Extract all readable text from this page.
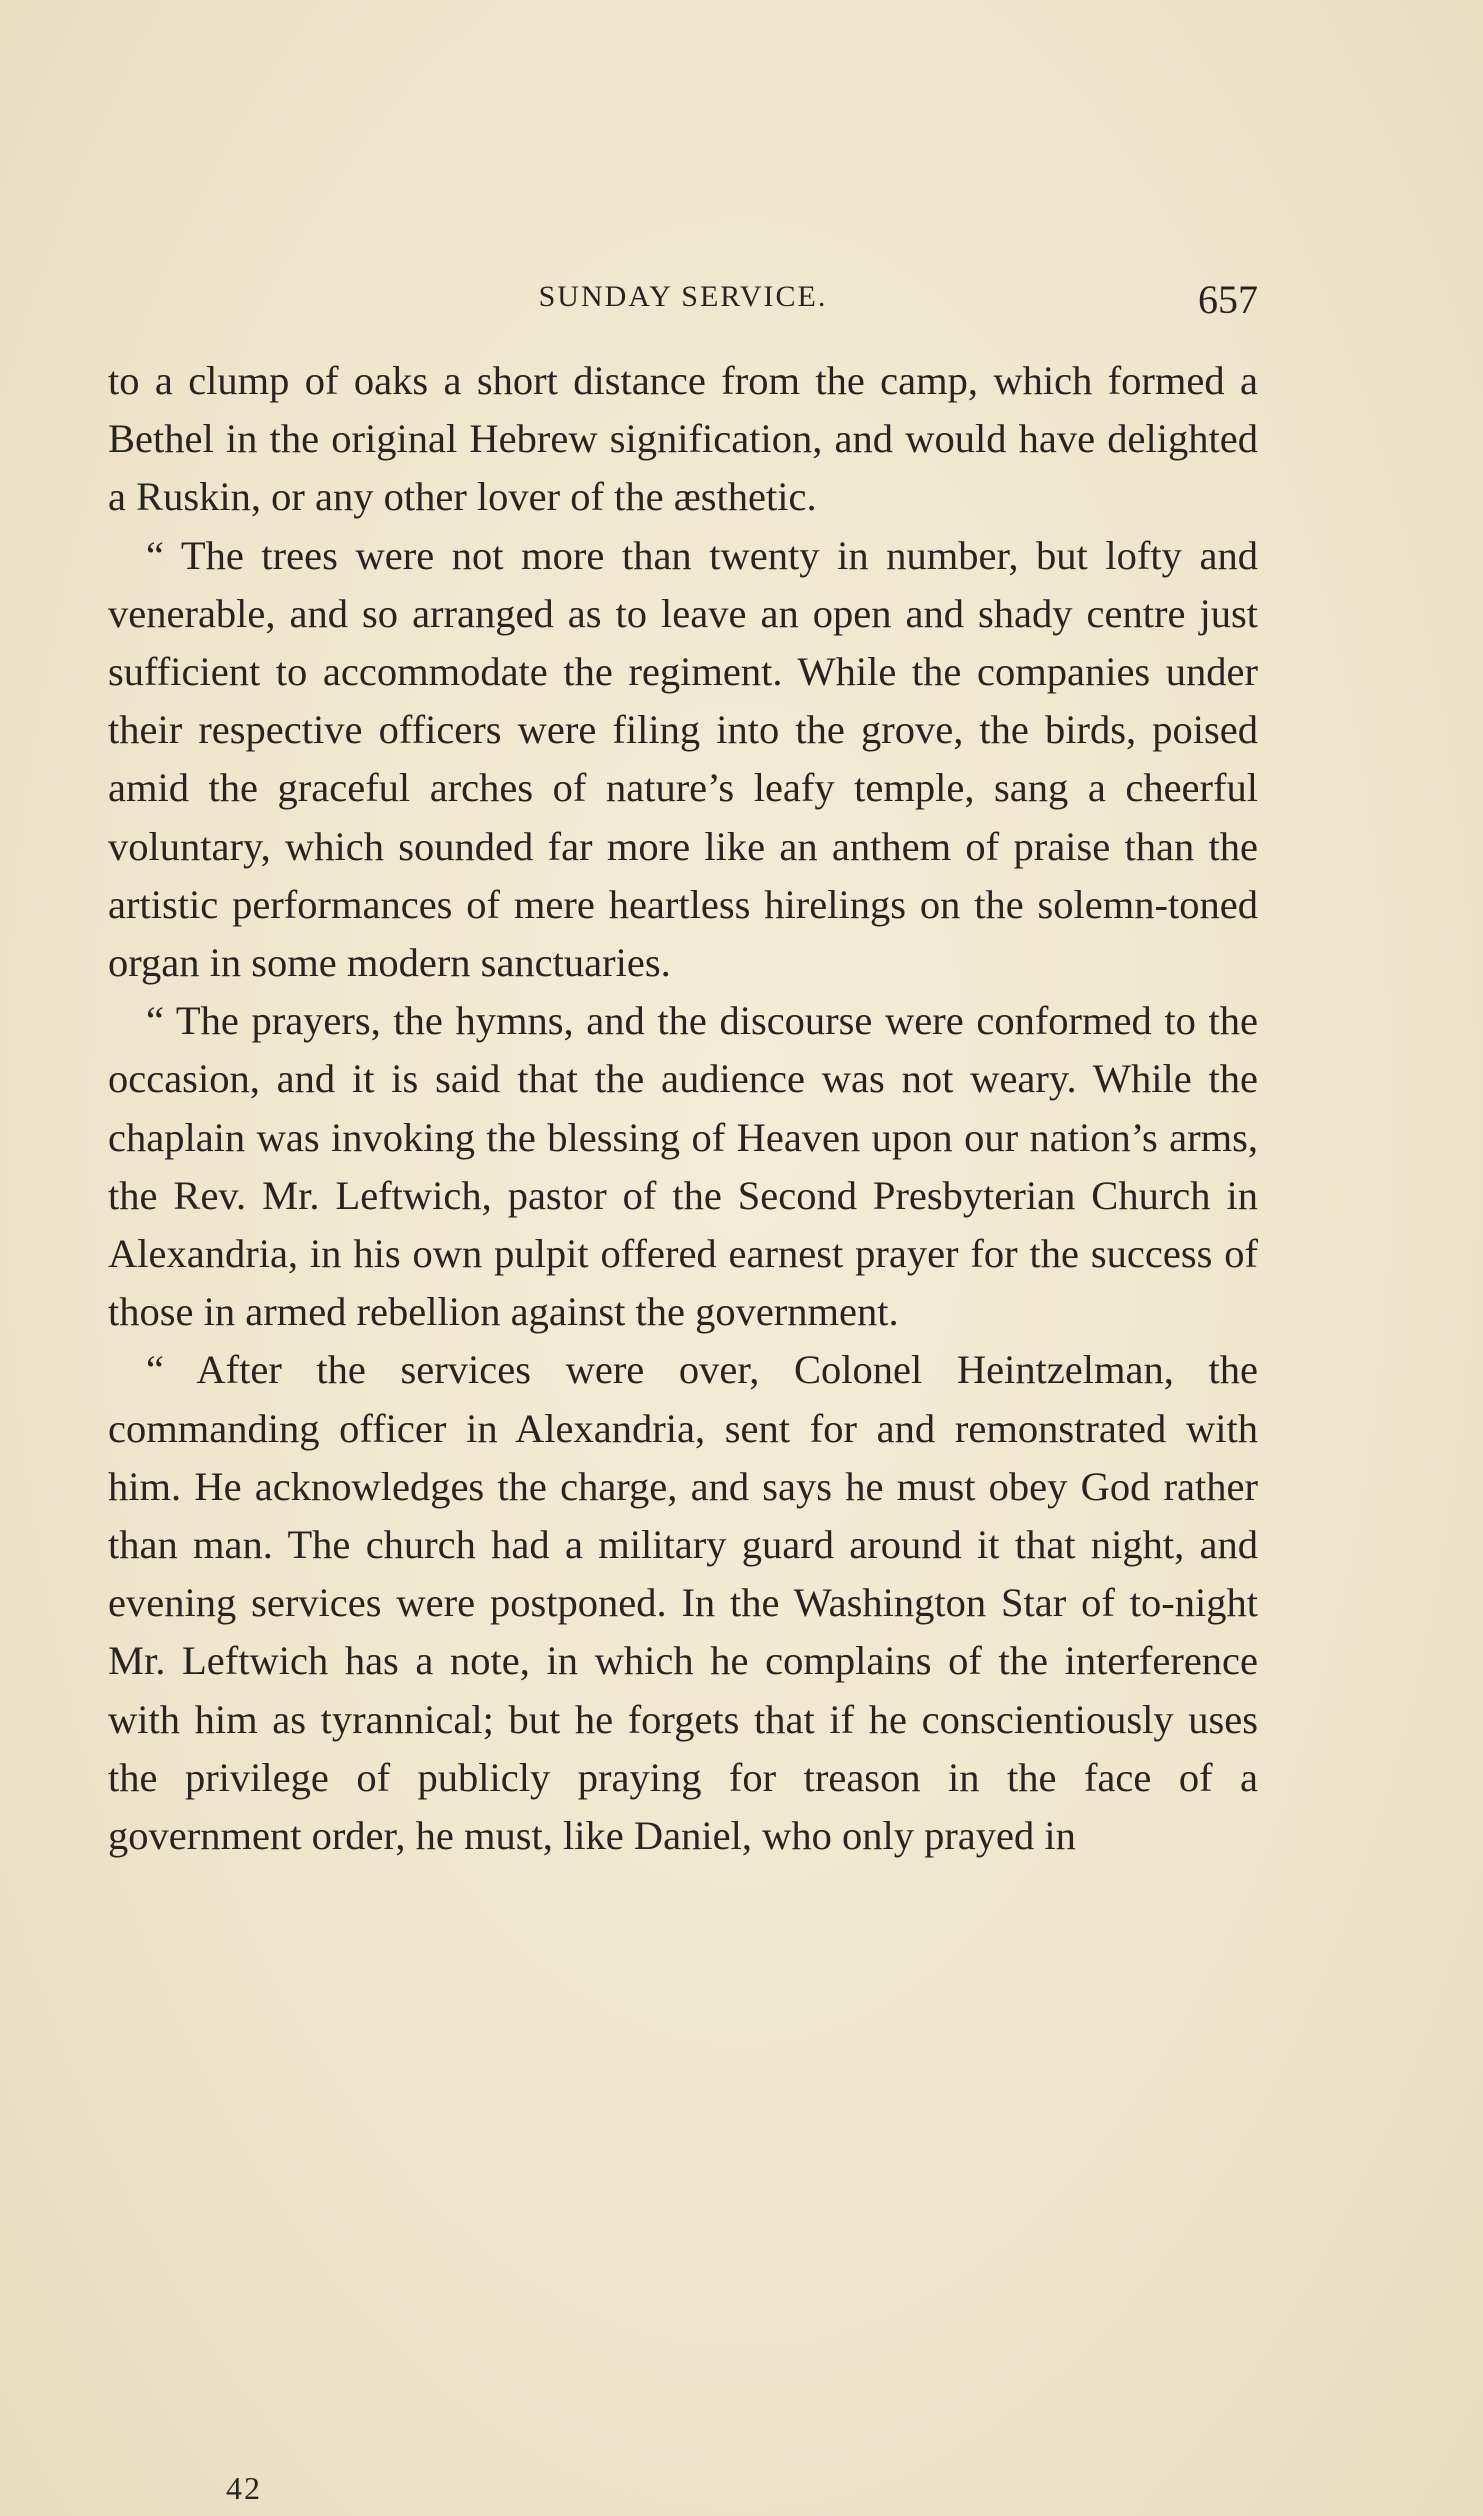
SUNDAY SERVICE.	657

to a clump of oaks a short distance from the camp, which formed a Bethel in the original Hebrew signification, and would have delighted a Ruskin, or any other lover of the æsthetic.

“ The trees were not more than twenty in number, but lofty and venerable, and so arranged as to leave an open and shady centre just sufficient to accommodate the regiment. While the companies under their respective officers were filing into the grove, the birds, poised amid the graceful arches of nature’s leafy temple, sang a cheerful voluntary, which sounded far more like an anthem of praise than the artistic performances of mere heartless hirelings on the solemn-toned organ in some modern sanctuaries.

“ The prayers, the hymns, and the discourse were conformed to the occasion, and it is said that the audience was not weary. While the chaplain was invoking the blessing of Heaven upon our nation’s arms, the Rev. Mr. Leftwich, pastor of the Second Presbyterian Church in Alexandria, in his own pulpit offered earnest prayer for the success of those in armed rebellion against the government.

“ After the services were over, Colonel Heintzelman, the commanding officer in Alexandria, sent for and remonstrated with him. He acknowledges the charge, and says he must obey God rather than man. The church had a military guard around it that night, and evening services were postponed. In the Washington Star of to-night Mr. Leftwich has a note, in which he complains of the interference with him as tyrannical; but he forgets that if he conscientiously uses the privilege of publicly praying for treason in the face of a government order, he must, like Daniel, who only prayed in

42
